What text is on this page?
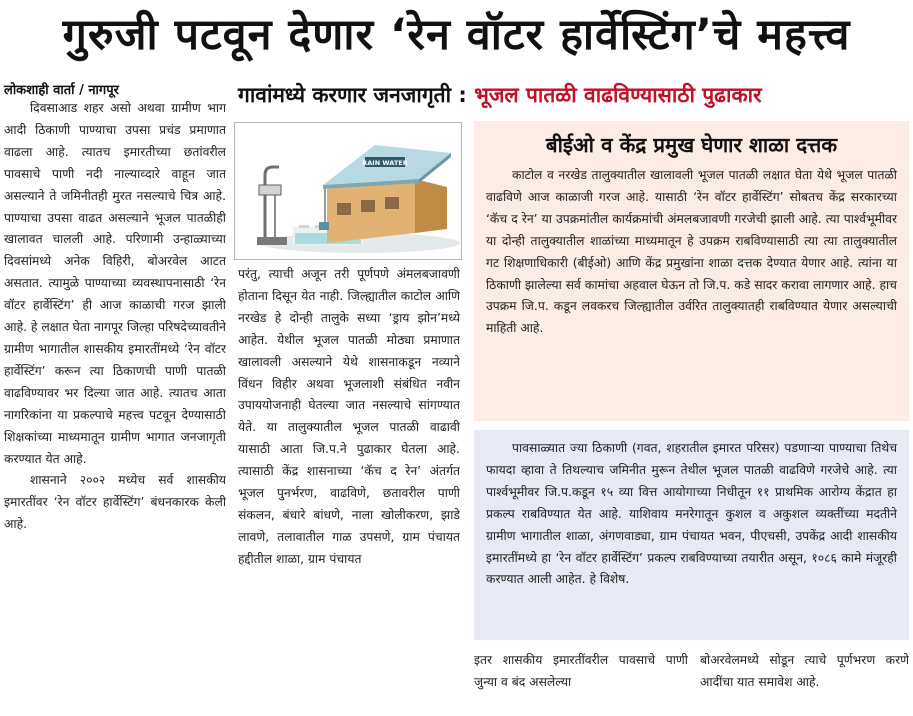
गुरुजी पटवून देणार ‘रेन वॉटर हार्वेस्टिंग’चे महत्त्व
लोकशाही वार्ता / नागपूर	गावांमध्ये करणार जनजागृती : भूजल पातळी वाढविण्यासाठी पुढाकार

दिवसाआड शहर असो अथवा ग्रामीण भाग आदी ठिकाणी पाण्याचा उपसा प्रचंड प्रमाणात वाढला आहे. त्यातच इमारतीच्या छतांवरील पावसाचे पाणी नदी नाल्याव्दारे वाहून जात असल्याने ते जमिनीतही मुरत नसल्याचे चित्र आहे. पाण्याचा उपसा वाढत असल्याने भूजल पातळीही खालावत चालली आहे. परिणामी उन्हाळ्याच्या दिवसांमध्ये अनेक विहिरी, बोअरवेल आटत असतात. त्यामुळे पाण्याच्या व्यवस्थापनासाठी ‘रेन वॉटर हार्वेस्टिंग’ ही आज काळाची गरज झाली आहे. हे लक्षात घेता नागपूर जिल्हा परिषदेच्यावतीने ग्रामीण भागातील शासकीय इमारतींमध्ये ‘रेन वॉटर हार्वेस्टिंग’ करून त्या ठिकाणची पाणी पातळी वाढविण्यावर भर दिल्या जात आहे. त्यातच आता नागरिकांना या प्रकल्पाचे महत्त्व पटवून देण्यासाठी शिक्षकांच्या माध्यमातून ग्रामीण भागात जनजागृती करण्यात येत आहे.

शासनाने २००२ मध्येच सर्व शासकीय इमारतींवर ‘रेन वॉटर हार्वेस्टिंग’ बंधनकारक केली आहे.

RAIN WATER

परंतु, त्याची अजून तरी पूर्णपणे अंमलबजावणी होताना दिसून येत नाही. जिल्ह्यातील काटोल आणि नरखेड हे दोन्ही तालुके सध्या ‘ड्राय झोन’मध्ये आहेत. येथील भूजल पातळी मोठ्या प्रमाणात खालावली असल्याने येथे शासनाकडून नव्याने विंधन विहीर अथवा भूजलाशी संबंधित नवीन उपाययोजनाही घेतल्या जात नसल्याचे सांगण्यात येते. या तालुक्यातील भूजल पातळी वाढावी यासाठी आता जि.प.ने पुढाकार घेतला आहे. त्यासाठी केंद्र शासनाच्या ‘कॅच द रेन’ अंतर्गत भूजल पुनर्भरण, वाढविणे, छतावरील पाणी संकलन, बंधारे बांधणे, नाला खोलीकरण, झाडे लावणे, तलावातील गाळ उपसणे, ग्राम पंचायत हद्दीतील शाळा, ग्राम पंचायत

बीईओ व केंद्र प्रमुख घेणार शाळा दत्तक

काटोल व नरखेड तालुक्यातील खालावली भूजल पातळी लक्षात घेता येथे भूजल पातळी वाढविणे आज काळाजी गरज आहे. यासाठी ‘रेन वॉटर हार्वेस्टिंग’ सोबतच केंद्र सरकारच्या ‘कॅच द रेन’ या उपक्रमांतील कार्यक्रमांची अंमलबजावणी गरजेची झाली आहे. त्या पार्श्वभूमीवर या दोन्ही तालुक्यातील शाळांच्या माध्यमातून हे उपक्रम राबविण्यासाठी त्या त्या तालुक्यातील गट शिक्षणाधिकारी (बीईओ) आणि केंद्र प्रमुखांना शाळा दत्तक देण्यात येणार आहे. त्यांना या ठिकाणी झालेल्या सर्व कामांचा अहवाल घेऊन तो जि.प. कडे सादर करावा लागणार आहे. हाच उपक्रम जि.प. कडून लवकरच जिल्ह्यातील उर्वरित तालुक्यातही राबविण्यात येणार असल्याची माहिती आहे.

पावसाळ्यात ज्या ठिकाणी (गवत, शहरातील इमारत परिसर) पडणाऱ्या पाण्याचा तिथेच फायदा व्हावा ते तिथल्याच जमिनीत मुरून तेथील भूजल पातळी वाढविणे गरजेचे आहे. त्या पार्श्वभूमीवर जि.प.कडून १५ व्या वित्त आयोगाच्या निधीतून ११ प्राथमिक आरोग्य केंद्रात हा प्रकल्प राबविण्यात येत आहे. याशिवाय मनरेगातून कुशल व अकुशल व्यक्तींच्या मदतीने ग्रामीण भागातील शाळा, अंगणवाड्या, ग्राम पंचायत भवन, पीएचसी, उपकेंद्र आदी शासकीय इमारतींमध्ये हा ‘रेन वॉटर हार्वेस्टिंग’ प्रकल्प राबविण्याच्या तयारीत असून, १०८६ कामे मंजूरही करण्यात आली आहेत. हे विशेष.

इतर शासकीय इमारतींवरील पावसाचे पाणी जुन्या व बंद असलेल्या

बोअरवेलमध्ये सोडून त्याचे पूर्णभरण करणे आदींचा यात समावेश आहे.
